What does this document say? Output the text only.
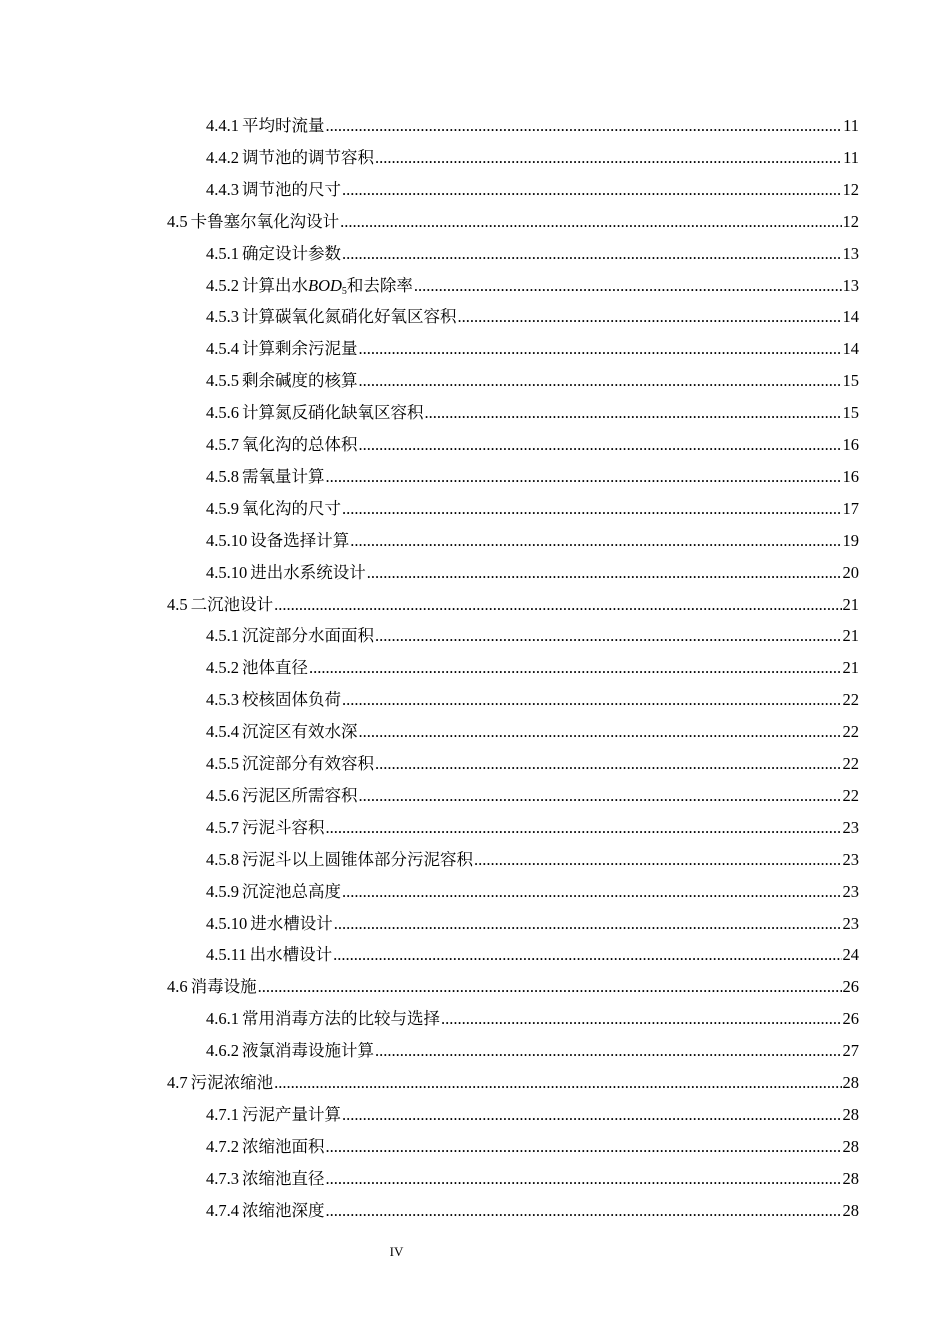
4.4.1 平均时流量 .....	11
4.4.2 调节池的调节容积 .....	11
4.4.3 调节池的尺寸 .....	12
4.5 卡鲁塞尔氧化沟设计 .....	12
4.5.1 确定设计参数 .....	13
4.5.2 计算出水$BOD_5$和去除率 .....	13
4.5.3 计算碳氧化氮硝化好氧区容积 .....	14
4.5.4 计算剩余污泥量 .....	14
4.5.5 剩余碱度的核算 .....	15
4.5.6 计算氮反硝化缺氧区容积 .....	15
4.5.7 氧化沟的总体积 .....	16
4.5.8 需氧量计算 .....	16
4.5.9 氧化沟的尺寸 .....	17
4.5.10 设备选择计算 .....	19
4.5.10 进出水系统设计 .....	20
4.5 二沉池设计 .....	21
4.5.1 沉淀部分水面面积 .....	21
4.5.2 池体直径 .....	21
4.5.3 校核固体负荷 .....	22
4.5.4 沉淀区有效水深 .....	22
4.5.5 沉淀部分有效容积 .....	22
4.5.6 污泥区所需容积 .....	22
4.5.7 污泥斗容积 .....	23
4.5.8 污泥斗以上圆锥体部分污泥容积 .....	23
4.5.9 沉淀池总高度 .....	23
4.5.10 进水槽设计 .....	23
4.5.11 出水槽设计 .....	24
4.6 消毒设施 .....	26
4.6.1 常用消毒方法的比较与选择 .....	26
4.6.2 液氯消毒设施计算 .....	27
4.7 污泥浓缩池 .....	28
4.7.1 污泥产量计算 .....	28
4.7.2 浓缩池面积 .....	28
4.7.3 浓缩池直径 .....	28
4.7.4 浓缩池深度 .....	28
IV
